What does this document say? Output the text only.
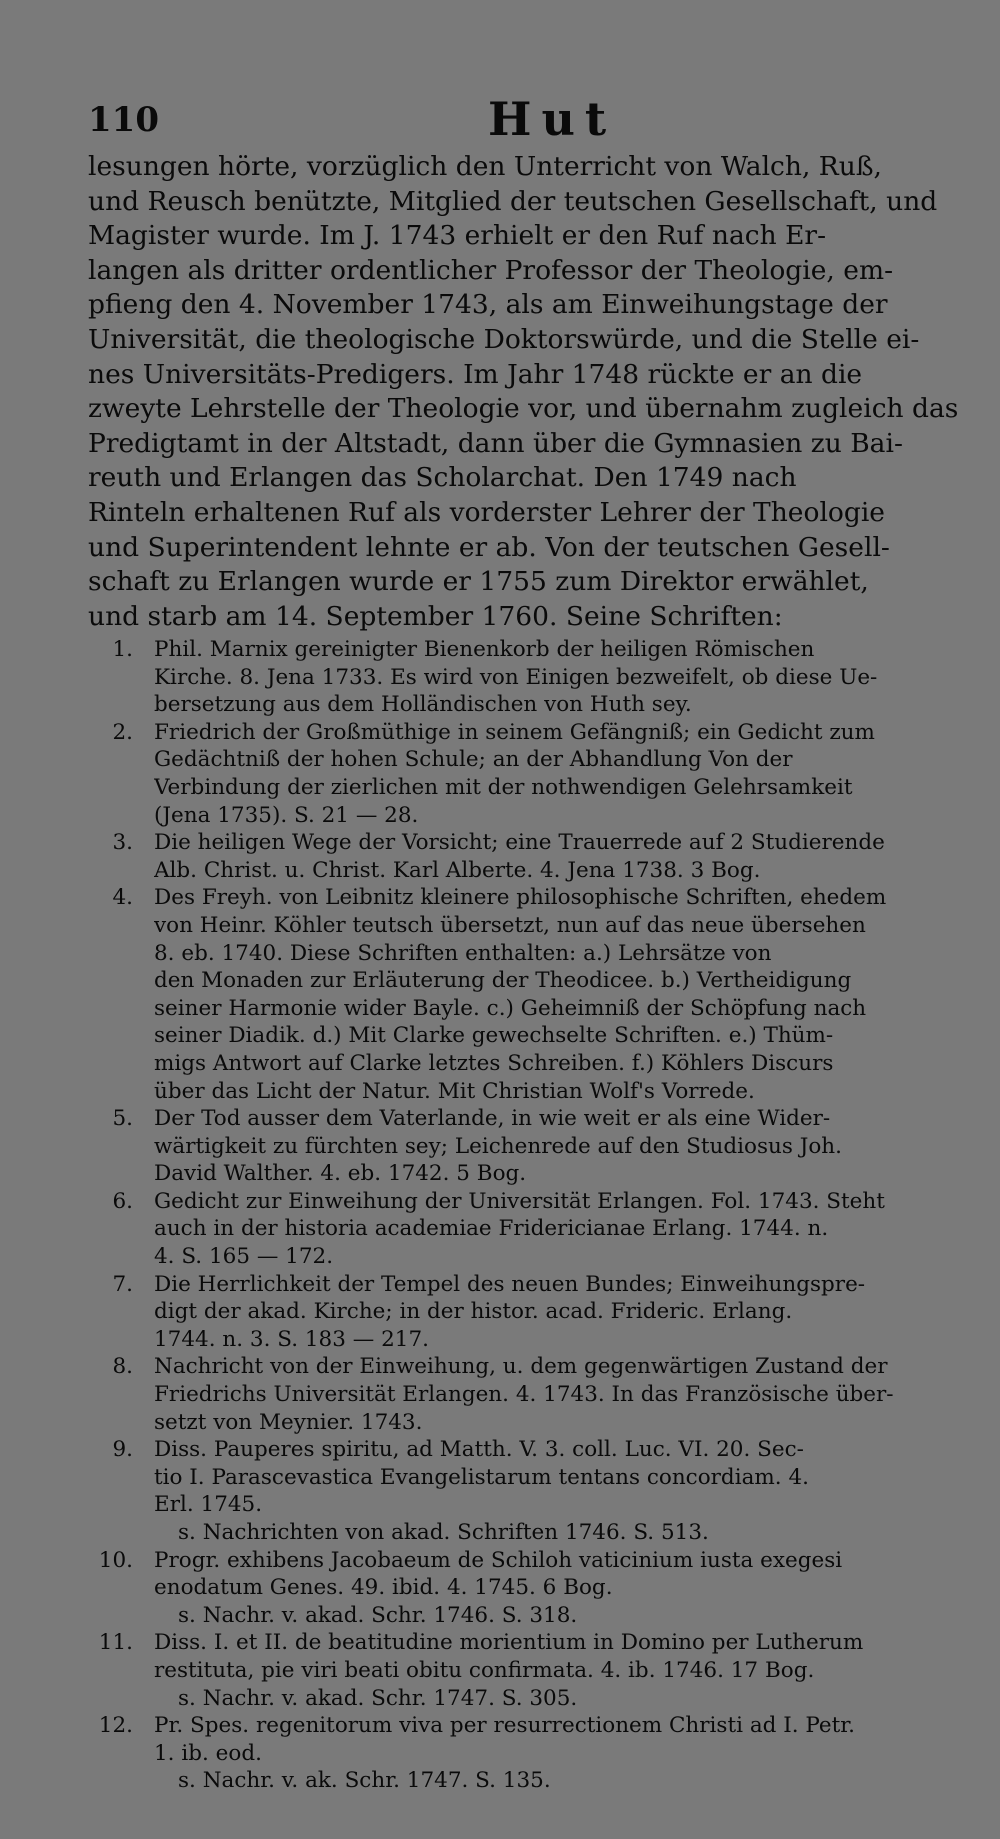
110	Hut
lesungen hörte, vorzüglich den Unterricht von Walch, Ruß,
und Reusch benützte, Mitglied der teutschen Gesellschaft, und
Magister wurde. Im J. 1743 erhielt er den Ruf nach Er-
langen als dritter ordentlicher Professor der Theologie, em-
pfieng den 4. November 1743, als am Einweihungstage der
Universität, die theologische Doktorswürde, und die Stelle ei-
nes Universitäts-Predigers. Im Jahr 1748 rückte er an die
zweyte Lehrstelle der Theologie vor, und übernahm zugleich das
Predigtamt in der Altstadt, dann über die Gymnasien zu Bai-
reuth und Erlangen das Scholarchat. Den 1749 nach
Rinteln erhaltenen Ruf als vorderster Lehrer der Theologie
und Superintendent lehnte er ab. Von der teutschen Gesell-
schaft zu Erlangen wurde er 1755 zum Direktor erwählet,
und starb am 14. September 1760. Seine Schriften:
1. Phil. Marnix gereinigter Bienenkorb der heiligen Römischen
Kirche. 8. Jena 1733. Es wird von Einigen bezweifelt, ob diese Ue-
bersetzung aus dem Holländischen von Huth sey.
2. Friedrich der Großmüthige in seinem Gefängniß; ein Gedicht zum
Gedächtniß der hohen Schule; an der Abhandlung Von der
Verbindung der zierlichen mit der nothwendigen Gelehrsamkeit
(Jena 1735). S. 21 — 28.
3. Die heiligen Wege der Vorsicht; eine Trauerrede auf 2 Studierende
Alb. Christ. u. Christ. Karl Alberte. 4. Jena 1738. 3 Bog.
4. Des Freyh. von Leibnitz kleinere philosophische Schriften, ehedem
von Heinr. Köhler teutsch übersetzt, nun auf das neue übersehen
8. eb. 1740. Diese Schriften enthalten: a.) Lehrsätze von
den Monaden zur Erläuterung der Theodicee. b.) Vertheidigung
seiner Harmonie wider Bayle. c.) Geheimniß der Schöpfung nach
seiner Diadik. d.) Mit Clarke gewechselte Schriften. e.) Thüm-
migs Antwort auf Clarke letztes Schreiben. f.) Köhlers Discurs
über das Licht der Natur. Mit Christian Wolf's Vorrede.
5. Der Tod ausser dem Vaterlande, in wie weit er als eine Wider-
wärtigkeit zu fürchten sey; Leichenrede auf den Studiosus Joh.
David Walther. 4. eb. 1742. 5 Bog.
6. Gedicht zur Einweihung der Universität Erlangen. Fol. 1743. Steht
auch in der historia academiae Fridericianae Erlang. 1744. n.
4. S. 165 — 172.
7. Die Herrlichkeit der Tempel des neuen Bundes; Einweihungspre-
digt der akad. Kirche; in der histor. acad. Frideric. Erlang.
1744. n. 3. S. 183 — 217.
8. Nachricht von der Einweihung, u. dem gegenwärtigen Zustand der
Friedrichs Universität Erlangen. 4. 1743. In das Französische über-
setzt von Meynier. 1743.
9. Diss. Pauperes spiritu, ad Matth. V. 3. coll. Luc. VI. 20. Sec-
tio I. Parascevastica Evangelistarum tentans concordiam. 4.
Erl. 1745.
s. Nachrichten von akad. Schriften 1746. S. 513.
10. Progr. exhibens Jacobaeum de Schiloh vaticinium iusta exegesi
enodatum Genes. 49. ibid. 4. 1745. 6 Bog.
s. Nachr. v. akad. Schr. 1746. S. 318.
11. Diss. I. et II. de beatitudine morientium in Domino per Lutherum
restituta, pie viri beati obitu confirmata. 4. ib. 1746. 17 Bog.
s. Nachr. v. akad. Schr. 1747. S. 305.
12. Pr. Spes. regenitorum viva per resurrectionem Christi ad I. Petr.
1. ib. eod.
s. Nachr. v. ak. Schr. 1747. S. 135.
